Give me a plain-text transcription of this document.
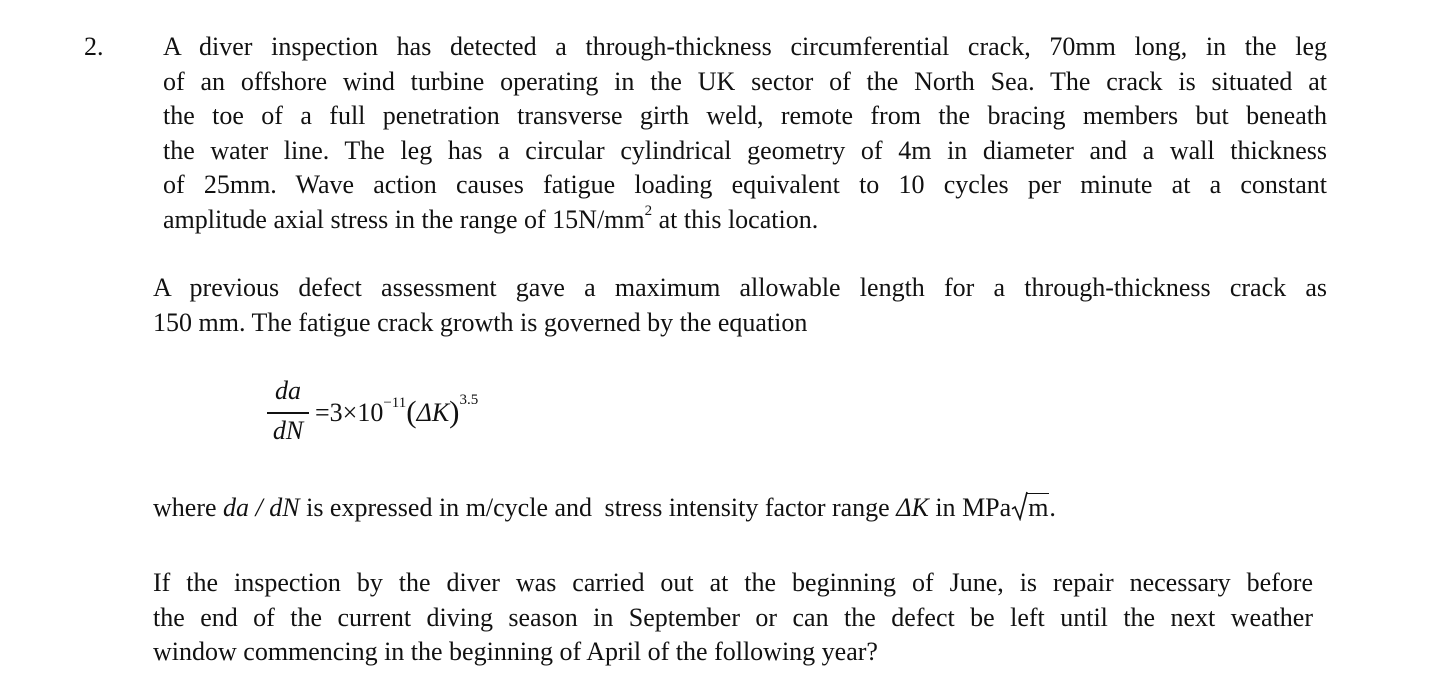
2.	A diver inspection has detected a through-thickness circumferential crack, 70mm long, in the leg
of an offshore wind turbine operating in the UK sector of the North Sea. The crack is situated at
the toe of a full penetration transverse girth weld, remote from the bracing members but beneath
the water line. The leg has a circular cylindrical geometry of 4m in diameter and a wall thickness
of 25mm. Wave action causes fatigue loading equivalent to 10 cycles per minute at a constant
amplitude axial stress in the range of $15N/mm^2$ at this location.
A previous defect assessment gave a maximum allowable length for a through-thickness crack as
150 mm. The fatigue crack growth is governed by the equation
da
dN
$=3\times 10^{-11}(\Delta K)^{3.5}$
where da / dN is expressed in m/cycle and stress intensity factor range ΔK in MPa m.
If the inspection by the diver was carried out at the beginning of June, is repair necessary before
the end of the current diving season in September or can the defect be left until the next weather
window commencing in the beginning of April of the following year?
